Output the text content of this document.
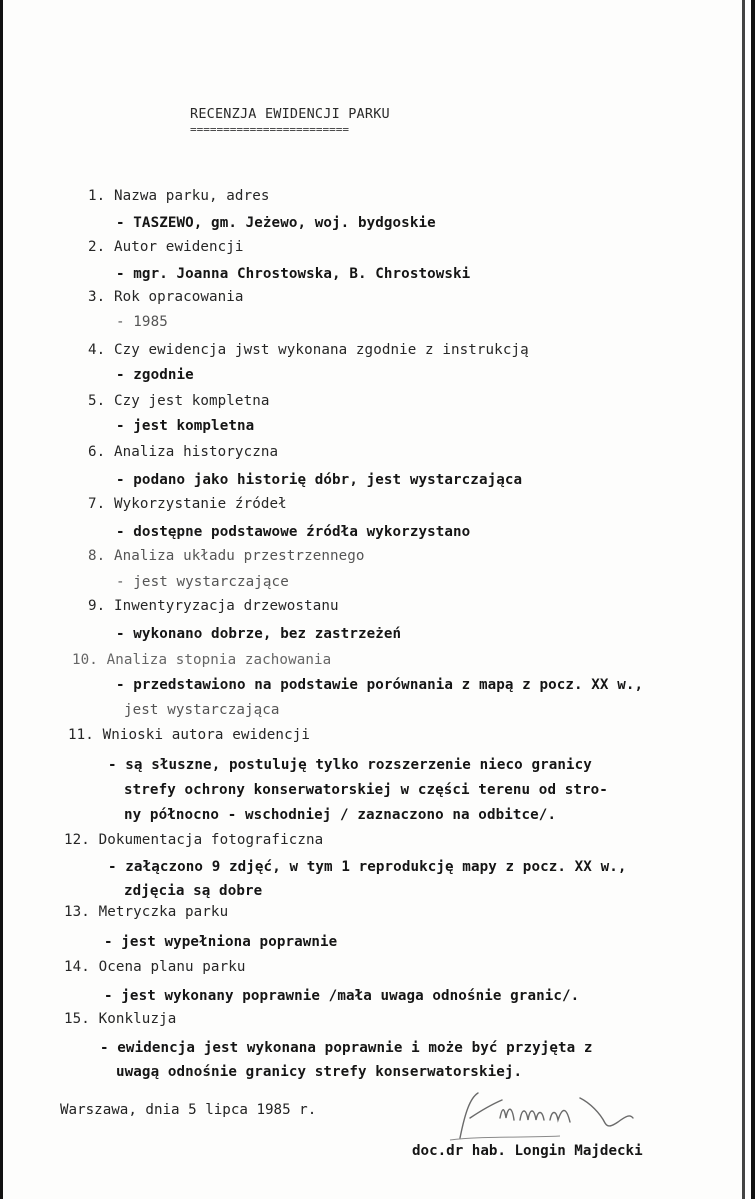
RECENZJA EWIDENCJI PARKU
========================
1. Nazwa parku, adres
- TASZEWO, gm. Jeżewo, woj. bydgoskie
2. Autor ewidencji
- mgr. Joanna Chrostowska, B. Chrostowski
3. Rok opracowania
- 1985
4. Czy ewidencja jwst wykonana zgodnie z instrukcją
- zgodnie
5. Czy jest kompletna
- jest kompletna
6. Analiza historyczna
- podano jako historię dóbr, jest wystarczająca
7. Wykorzystanie źródeł
- dostępne podstawowe źródła wykorzystano
8. Analiza układu przestrzennego
- jest wystarczające
9. Inwentyryzacja drzewostanu
- wykonano dobrze, bez zastrzeżeń
10. Analiza stopnia zachowania
- przedstawiono na podstawie porównania z mapą z pocz. XX w.,
jest wystarczająca
11. Wnioski autora ewidencji
- są słuszne, postuluję tylko rozszerzenie nieco granicy
strefy ochrony konserwatorskiej w części terenu od stro-
ny północno - wschodniej / zaznaczono na odbitce/.
12. Dokumentacja fotograficzna
- załączono 9 zdjęć, w tym 1 reprodukcję mapy z pocz. XX w.,
zdjęcia są dobre
13. Metryczka parku
- jest wypełniona poprawnie
14. Ocena planu parku
- jest wykonany poprawnie /mała uwaga odnośnie granic/.
15. Konkluzja
- ewidencja jest wykonana poprawnie i może być przyjęta z
uwagą odnośnie granicy strefy konserwatorskiej.
Warszawa, dnia 5 lipca 1985 r.
doc.dr hab. Longin Majdecki
